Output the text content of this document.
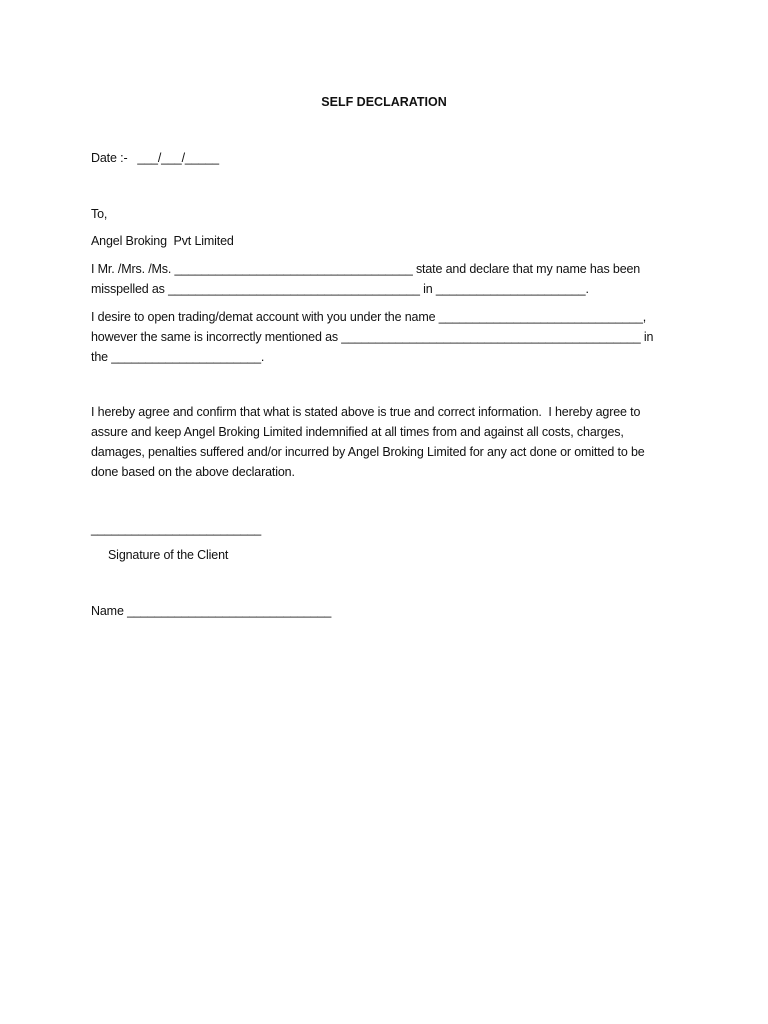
SELF DECLARATION
Date :-   ___/___/_____
To,
Angel Broking  Pvt Limited
I Mr. /Mrs. /Ms. ___________________________________ state and declare that my name has been
misspelled as _____________________________________ in ______________________.
I desire to open trading/demat account with you under the name ______________________________,
however the same is incorrectly mentioned as ____________________________________________ in
the ______________________.
I hereby agree and confirm that what is stated above is true and correct information.  I hereby agree to
assure and keep Angel Broking Limited indemnified at all times from and against all costs, charges,
damages, penalties suffered and/or incurred by Angel Broking Limited for any act done or omitted to be
done based on the above declaration.
_________________________
Signature of the Client
Name ______________________________
